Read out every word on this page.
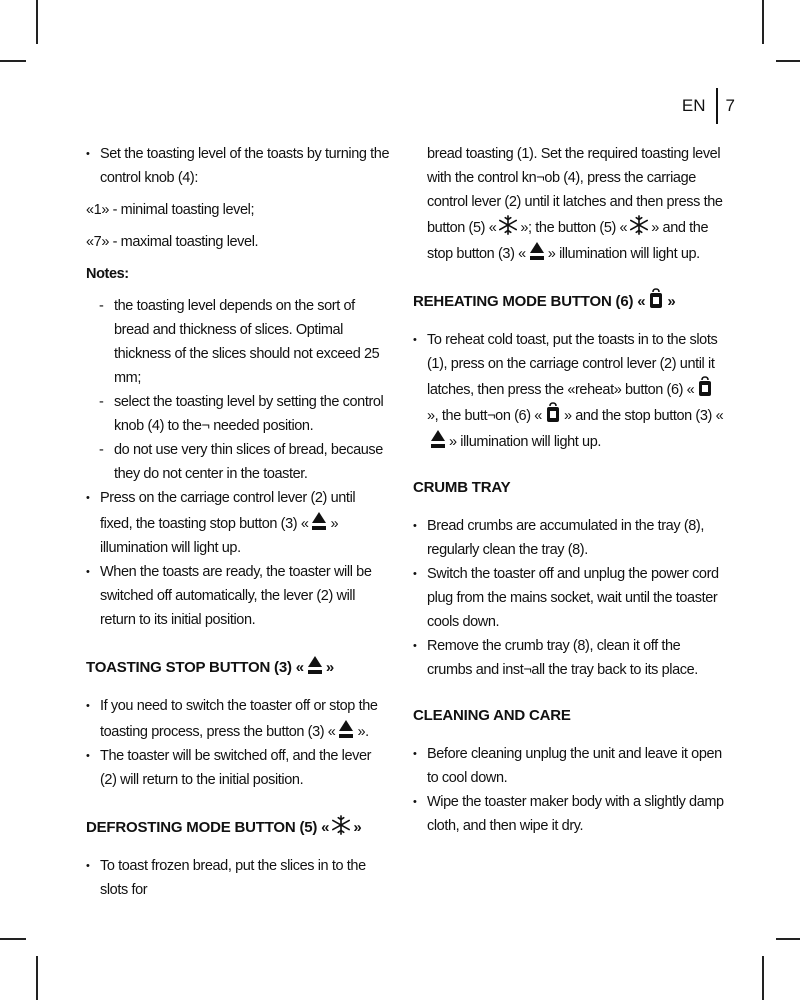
EN 7
• Set the toasting level of the toasts by turning the control knob (4):
«1» - minimal toasting level;
«7» - maximal toasting level.
Notes:
- the toasting level depends on the sort of bread and thickness of slices. Optimal thickness of the slices should not exceed 25 mm;
- select the toasting level by setting the control knob (4) to the¬ needed position.
- do not use very thin slices of bread, because they do not center in the toaster.
• Press on the carriage control lever (2) until fixed, the toasting stop button (3) « » illumination will light up.
• When the toasts are ready, the toaster will be switched off automatically, the lever (2) will return to its initial position.
TOASTING STOP BUTTON (3) « »
• If you need to switch the toaster off or stop the toasting process, press the button (3) « ».
• The toaster will be switched off, and the lever (2) will return to the initial position.
DEFROSTING MODE BUTTON (5) « »
• To toast frozen bread, put the slices in to the slots for
bread toasting (1). Set the required toasting level with the control kn¬ob (4), press the carriage control lever (2) until it latches and then press the button (5) « »; the button (5) « » and the stop button (3) « » illumination will light up.
REHEATING MODE BUTTON (6) « »
• To reheat cold toast, put the toasts in to the slots (1), press on the carriage control lever (2) until it latches, then press the «reheat» button (6) «», the butt¬on (6) « » and the stop button (3) «» illumination will light up.
CRUMB TRAY
• Bread crumbs are accumulated in the tray (8), regularly clean the tray (8).
• Switch the toaster off and unplug the power cord plug from the mains socket, wait until the toaster cools down.
• Remove the crumb tray (8), clean it off the crumbs and inst¬all the tray back to its place.
CLEANING AND CARE
• Before cleaning unplug the unit and leave it open to cool down.
• Wipe the toaster maker body with a slightly damp cloth, and then wipe it dry.
